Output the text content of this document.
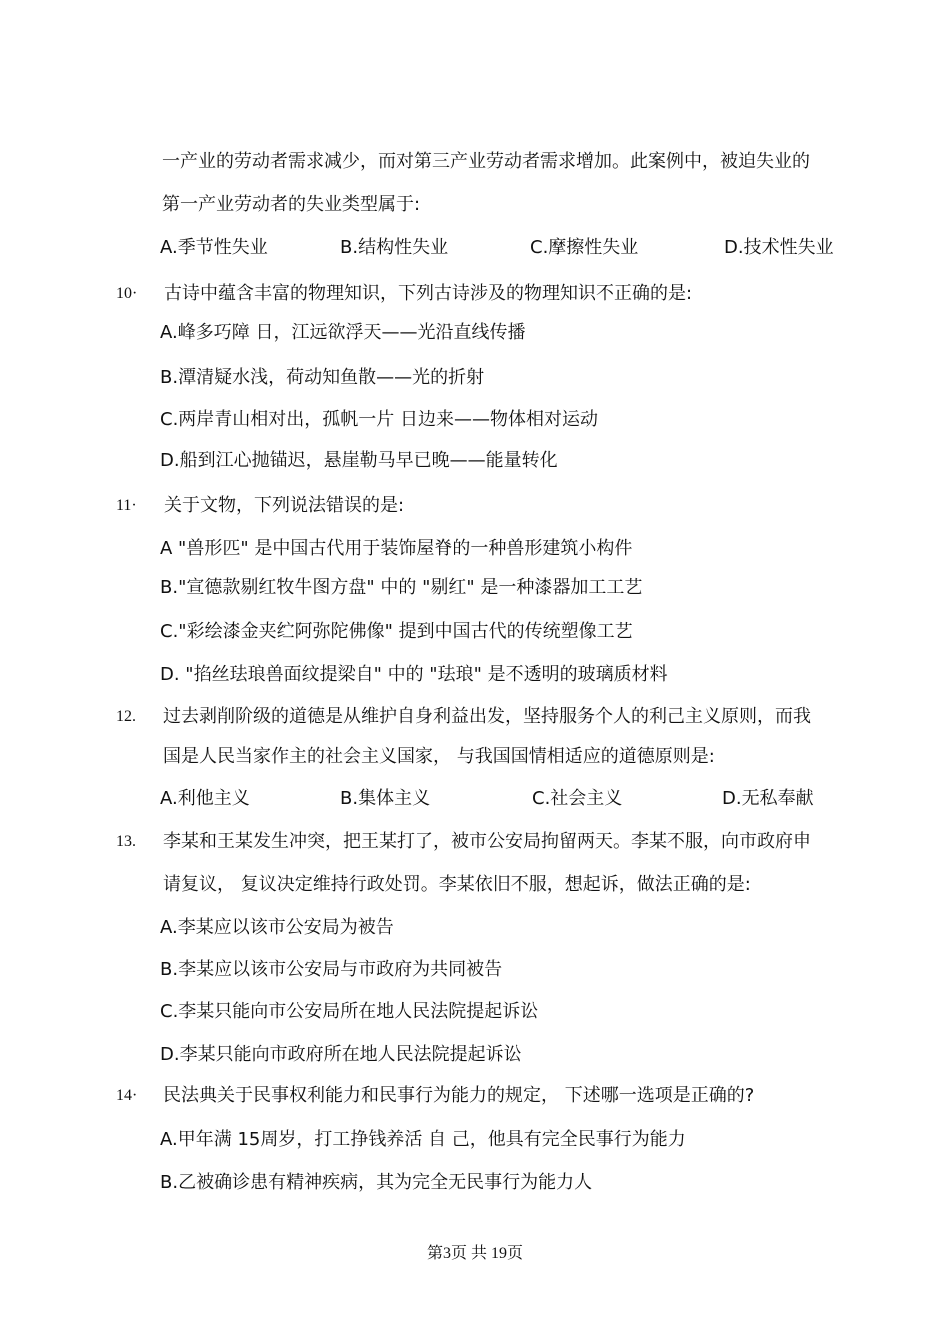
一产业的劳动者需求减少，而对第三产业劳动者需求增加。此案例中，被迫失业的
第一产业劳动者的失业类型属于:
A.季节性失业	B.结构性失业	C.摩擦性失业	D.技术性失业
10· 古诗中蕴含丰富的物理知识，下列古诗涉及的物理知识不正确的是:
A.峰多巧障 日，江远欲浮天——光沿直线传播
B.潭清疑水浅，荷动知鱼散——光的折射
C.两岸青山相对出，孤帆一片 日边来——物体相对运动
D.船到江心抛锚迟，悬崖勒马早已晚——能量转化
11· 关于文物，下列说法错误的是:
A "兽形匹" 是中国古代用于装饰屋脊的一种兽形建筑小构件
B."宣德款剔红牧牛图方盘" 中的 "剔红" 是一种漆器加工工艺
C."彩绘漆金夹纻阿弥陀佛像" 提到中国古代的传统塑像工艺
D. "掐丝珐琅兽面纹提梁自" 中的 "珐琅" 是不透明的玻璃质材料
12. 过去剥削阶级的道德是从维护自身利益出发，坚持服务个人的利己主义原则，而我
国是人民当家作主的社会主义国家， 与我国国情相适应的道德原则是:
A.利他主义	B.集体主义	C.社会主义	D.无私奉献
13. 李某和王某发生冲突，把王某打了，被市公安局拘留两天。李某不服，向市政府申
请复议， 复议决定维持行政处罚。李某依旧不服，想起诉，做法正确的是:
A.李某应以该市公安局为被告
B.李某应以该市公安局与市政府为共同被告
C.李某只能向市公安局所在地人民法院提起诉讼
D.李某只能向市政府所在地人民法院提起诉讼
14· 民法典关于民事权利能力和民事行为能力的规定， 下述哪一选项是正确的?
A.甲年满 15周岁，打工挣钱养活 自 己，他具有完全民事行为能力
B.乙被确诊患有精神疾病，其为完全无民事行为能力人
第3页 共 19页
